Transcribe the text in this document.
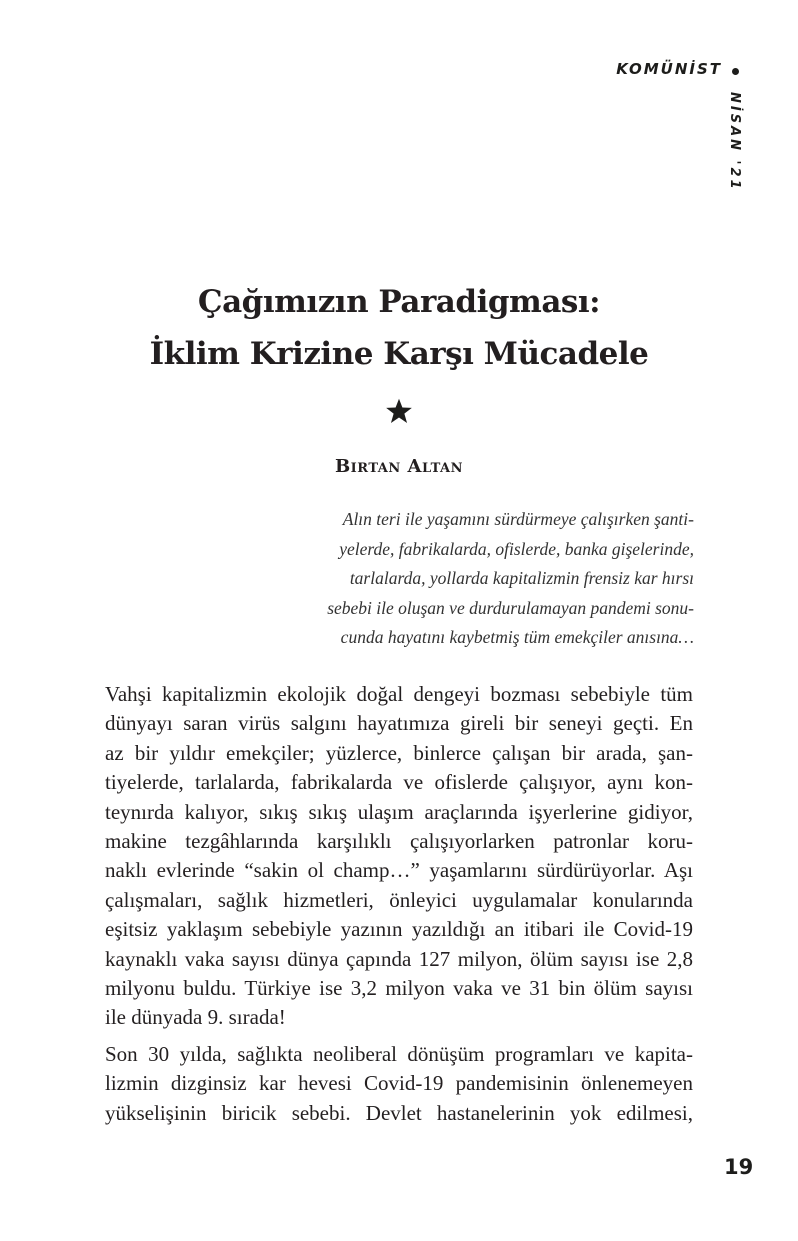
KOMÜNİST
NİSAN '21
Çağımızın Paradigması:
İklim Krizine Karşı Mücadele
Birtan Altan
Alın teri ile yaşamını sürdürmeye çalışırken şanti-
yelerde, fabrikalarda, ofislerde, banka gişelerinde,
tarlalarda, yollarda kapitalizmin frensiz kar hırsı
sebebi ile oluşan ve durdurulamayan pandemi sonu-
cunda hayatını kaybetmiş tüm emekçiler anısına…
Vahşi kapitalizmin ekolojik doğal dengeyi bozması sebebiyle tüm
dünyayı saran virüs salgını hayatımıza gireli bir seneyi geçti. En
az bir yıldır emekçiler; yüzlerce, binlerce çalışan bir arada, şan-
tiyelerde, tarlalarda, fabrikalarda ve ofislerde çalışıyor, aynı kon-
teynırda kalıyor, sıkış sıkış ulaşım araçlarında işyerlerine gidiyor,
makine tezgâhlarında karşılıklı çalışıyorlarken patronlar koru-
naklı evlerinde “sakin ol champ…” yaşamlarını sürdürüyorlar. Aşı
çalışmaları, sağlık hizmetleri, önleyici uygulamalar konularında
eşitsiz yaklaşım sebebiyle yazının yazıldığı an itibari ile Covid-19
kaynaklı vaka sayısı dünya çapında 127 milyon, ölüm sayısı ise 2,8
milyonu buldu. Türkiye ise 3,2 milyon vaka ve 31 bin ölüm sayısı
ile dünyada 9. sırada!
Son 30 yılda, sağlıkta neoliberal dönüşüm programları ve kapita-
lizmin dizginsiz kar hevesi Covid-19 pandemisinin önlenemeyen
yükselişinin biricik sebebi. Devlet hastanelerinin yok edilmesi,
19
